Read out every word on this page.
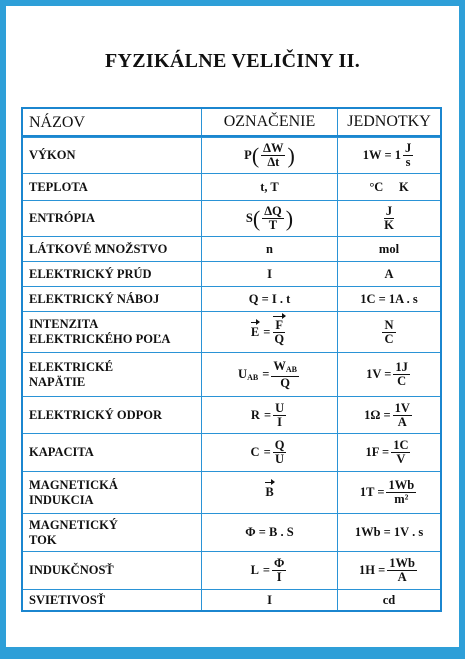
FYZIKÁLNE VELIČINY II.
NÁZOV	OZNAČENIE	JEDNOTKY
VÝKON	P ( $\frac{\Delta W}{\Delta t}$ )	$1W = 1 \frac{J}{s}$
TEPLOTA	t, T	°C     K
ENTRÓPIA	S ( $\frac{\Delta Q}{T}$ )	$\frac{J}{K}$
LÁTKOVÉ MNOŽSTVO	n	mol
ELEKTRICKÝ PRÚD	I	A
ELEKTRICKÝ NÁBOJ	Q = I . t	1C = 1A . s
INTENZITA
ELEKTRICKÉHO POĽA
$E = \frac{F}{Q}$	$\frac{N}{C}$
ELEKTRICKÉ
NAPÄTIE
$U_{AB} = \frac{W_{AB}}{Q}$	$1V = \frac{1J}{C}$
ELEKTRICKÝ ODPOR	$R = \frac{U}{I}$	$1\Omega = \frac{1V}{A}$
KAPACITA	$C = \frac{Q}{U}$	$1F = \frac{1C}{V}$
MAGNETICKÁ
INDUKCIA
B	$1T = \frac{1Wb}{\text{m²}}$
MAGNETICKÝ
TOK
Φ = B . S	1Wb = 1V . s
INDUKČNOSŤ	$L = \frac{\Phi}{I}$	$1H = \frac{1Wb}{A}$
SVIETIVOSŤ	I	cd
